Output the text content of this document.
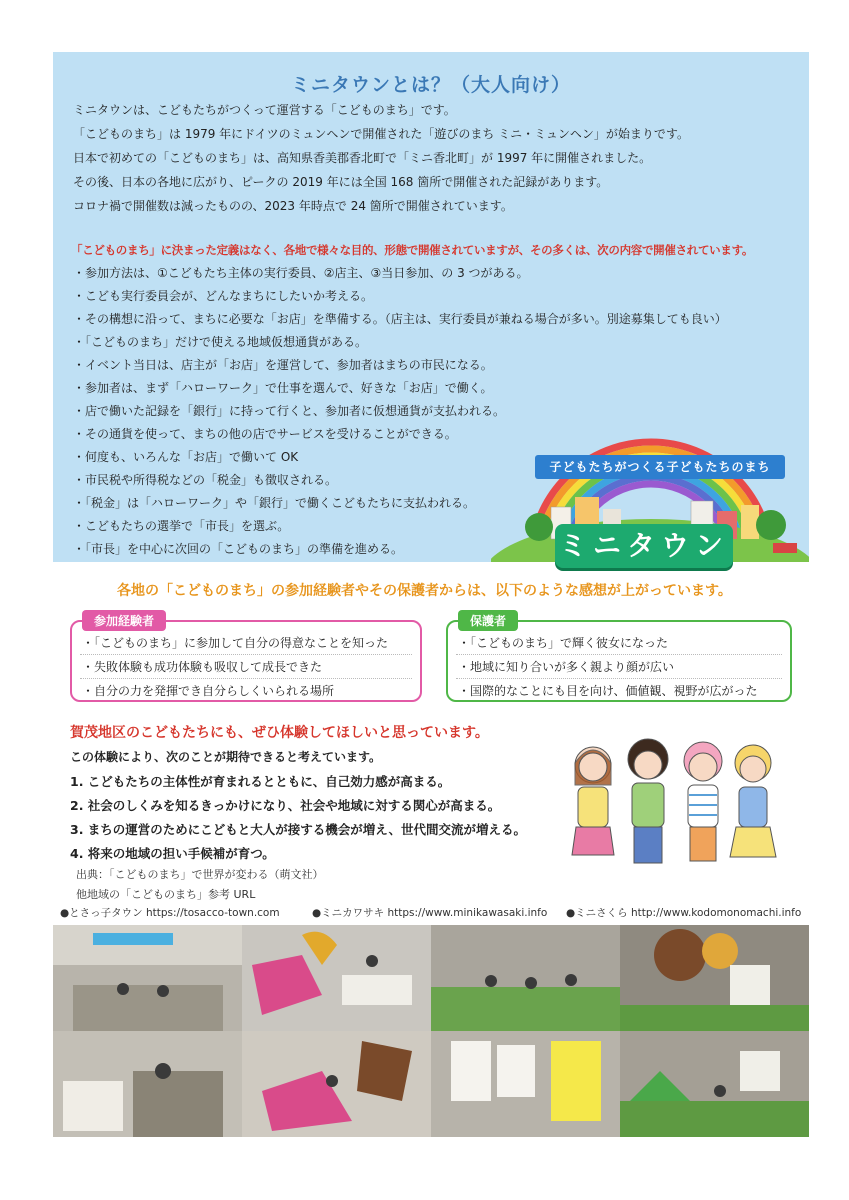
ミニタウンとは？（大人向け）
ミニタウンは、こどもたちがつくって運営する「こどものまち」です。
「こどものまち」は 1979 年にドイツのミュンヘンで開催された「遊びのまち ミニ・ミュンヘン」が始まりです。
日本で初めての「こどものまち」は、高知県香美郡香北町で「ミニ香北町」が 1997 年に開催されました。
その後、日本の各地に広がり、ピークの 2019 年には全国 168 箇所で開催された記録があります。
コロナ禍で開催数は減ったものの、2023 年時点で 24 箇所で開催されています。
「こどものまち」に決まった定義はなく、各地で様々な目的、形態で開催されていますが、その多くは、次の内容で開催されています。
・参加方法は、①こどもたち主体の実行委員、②店主、③当日参加、の 3 つがある。
・こども実行委員会が、どんなまちにしたいか考える。
・その構想に沿って、まちに必要な「お店」を準備する。（店主は、実行委員が兼ねる場合が多い。別途募集しても良い）
・「こどものまち」だけで使える地域仮想通貨がある。
・イベント当日は、店主が「お店」を運営して、参加者はまちの市民になる。
・参加者は、まず「ハローワーク」で仕事を選んで、好きな「お店」で働く。
・店で働いた記録を「銀行」に持って行くと、参加者に仮想通貨が支払われる。
・その通貨を使って、まちの他の店でサービスを受けることができる。
・何度も、いろんな「お店」で働いて OK
・市民税や所得税などの「税金」も徴収される。
・「税金」は「ハローワーク」や「銀行」で働くこどもたちに支払われる。
・こどもたちの選挙で「市長」を選ぶ。
・「市長」を中心に次回の「こどものまち」の準備を進める。
子どもたちがつくる子どもたちのまち
ミニタウン
各地の「こどものまち」の参加経験者やその保護者からは、以下のような感想が上がっています。
参加経験者
・「こどものまち」に参加して自分の得意なことを知った
・失敗体験も成功体験も吸収して成長できた
・自分の力を発揮でき自分らしくいられる場所
保護者
・「こどものまち」で輝く彼女になった
・地域に知り合いが多く親より顔が広い
・国際的なことにも目を向け、価値観、視野が広がった
賀茂地区のこどもたちにも、ぜひ体験してほしいと思っています。
この体験により、次のことが期待できると考えています。
1. こどもたちの主体性が育まれるとともに、自己効力感が高まる。
2. 社会のしくみを知るきっかけになり、社会や地域に対する関心が高まる。
3. まちの運営のためにこどもと大人が接する機会が増え、世代間交流が増える。
4. 将来の地域の担い手候補が育つ。
出典：「こどものまち」で世界が変わる（萌文社）
他地域の「こどものまち」参考 URL
●とさっ子タウン https://tosacco-town.com	●ミニカワサキ https://www.minikawasaki.info ●ミニさくら http://www.kodomonomachi.info
